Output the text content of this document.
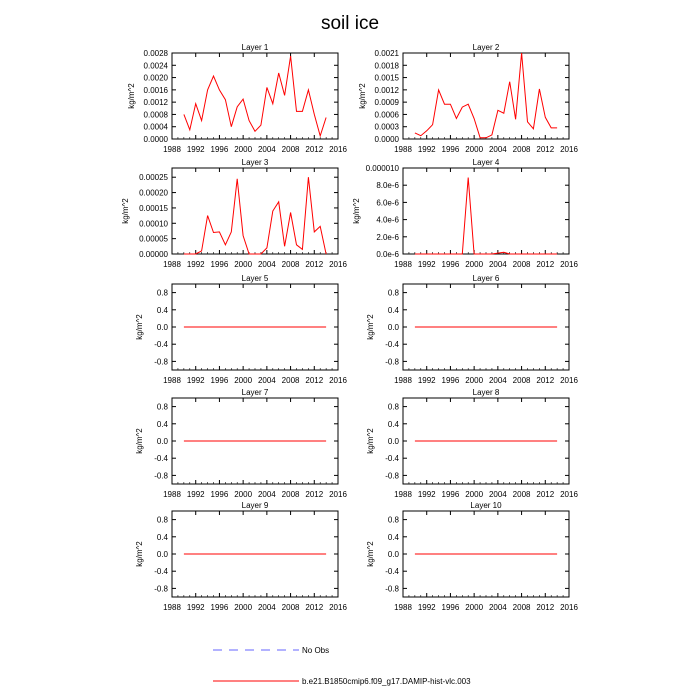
soil ice
Layer 1
1988 1992 1996 2000 2004 2008 2012 2016
0.0000
0.0004
0.0008
0.0012
0.0016
0.0020
0.0024
0.0028
kg/m^2
Layer 2
1988 1992 1996 2000 2004 2008 2012 2016
0.0000
0.0003
0.0006
0.0009
0.0012
0.0015
0.0018
0.0021
kg/m^2
Layer 3
1988 1992 1996 2000 2004 2008 2012 2016
0.00000
0.00005
0.00010
0.00015
0.00020
0.00025
kg/m^2
Layer 4
1988 1992 1996 2000 2004 2008 2012 2016
0.0e-6
2.0e-6
4.0e-6
6.0e-6
8.0e-6
0.000010
kg/m^2
Layer 5
1988 1992 1996 2000 2004 2008 2012 2016
-0.8
-0.4
0.0
0.4
0.8
kg/m^2
Layer 6
1988 1992 1996 2000 2004 2008 2012 2016
-0.8
-0.4
0.0
0.4
0.8
kg/m^2
Layer 7
1988 1992 1996 2000 2004 2008 2012 2016
-0.8
-0.4
0.0
0.4
0.8
kg/m^2
Layer 8
1988 1992 1996 2000 2004 2008 2012 2016
-0.8
-0.4
0.0
0.4
0.8
kg/m^2
Layer 9
1988 1992 1996 2000 2004 2008 2012 2016
-0.8
-0.4
0.0
0.4
0.8
kg/m^2
Layer 10
1988 1992 1996 2000 2004 2008 2012 2016
-0.8
-0.4
0.0
0.4
0.8
kg/m^2
No Obs
b.e21.B1850cmip6.f09_g17.DAMIP-hist-vlc.003
